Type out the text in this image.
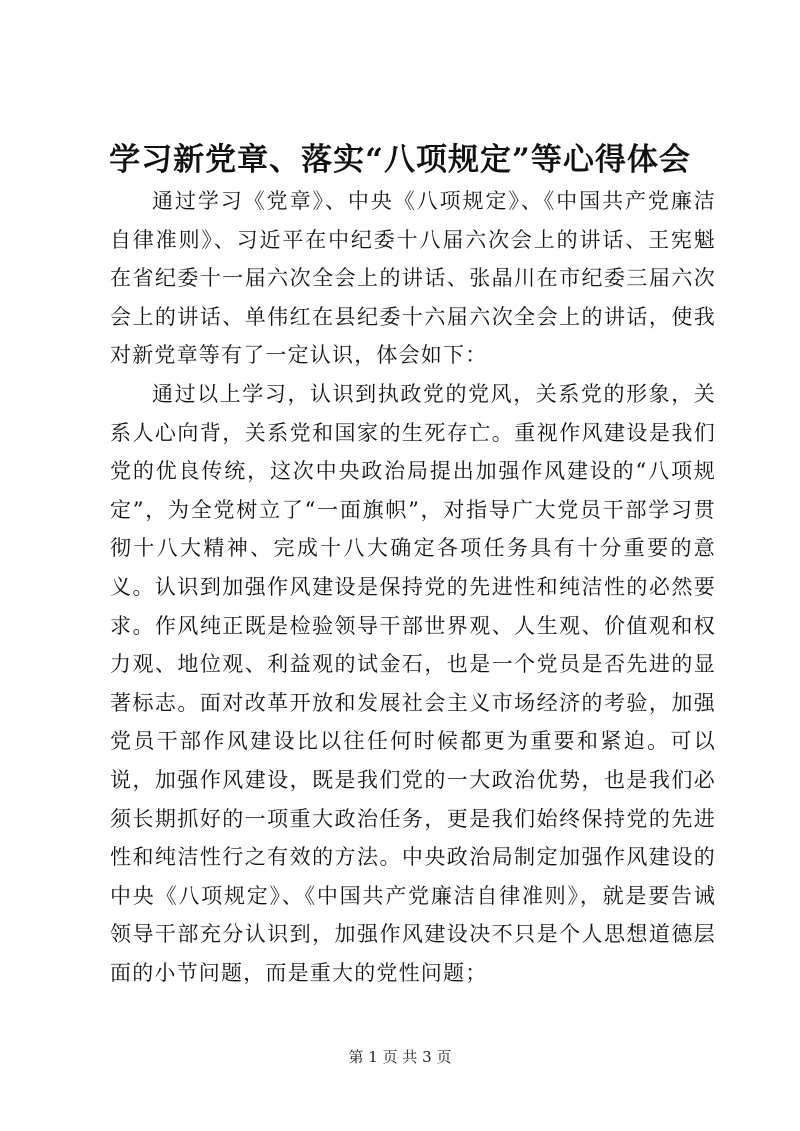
学习新党章、落实“八项规定”等心得体会

通过学习《党章》、中央《八项规定》、《中国共产党廉洁自律准则》、习近平在中纪委十八届六次会上的讲话、王宪魁在省纪委十一届六次全会上的讲话、张晶川在市纪委三届六次会上的讲话、单伟红在县纪委十六届六次全会上的讲话，使我对新党章等有了一定认识，体会如下：

通过以上学习，认识到执政党的党风，关系党的形象，关系人心向背，关系党和国家的生死存亡。重视作风建设是我们党的优良传统，这次中央政治局提出加强作风建设的“八项规定”，为全党树立了“一面旗帜”，对指导广大党员干部学习贯彻十八大精神、完成十八大确定各项任务具有十分重要的意义。认识到加强作风建设是保持党的先进性和纯洁性的必然要求。作风纯正既是检验领导干部世界观、人生观、价值观和权力观、地位观、利益观的试金石，也是一个党员是否先进的显著标志。面对改革开放和发展社会主义市场经济的考验，加强党员干部作风建设比以往任何时候都更为重要和紧迫。可以说，加强作风建设，既是我们党的一大政治优势，也是我们必须长期抓好的一项重大政治任务，更是我们始终保持党的先进性和纯洁性行之有效的方法。中央政治局制定加强作风建设的中央《八项规定》、《中国共产党廉洁自律准则》，就是要告诫领导干部充分认识到，加强作风建设决不只是个人思想道德层面的小节问题，而是重大的党性问题；

第 1 页 共 3 页
